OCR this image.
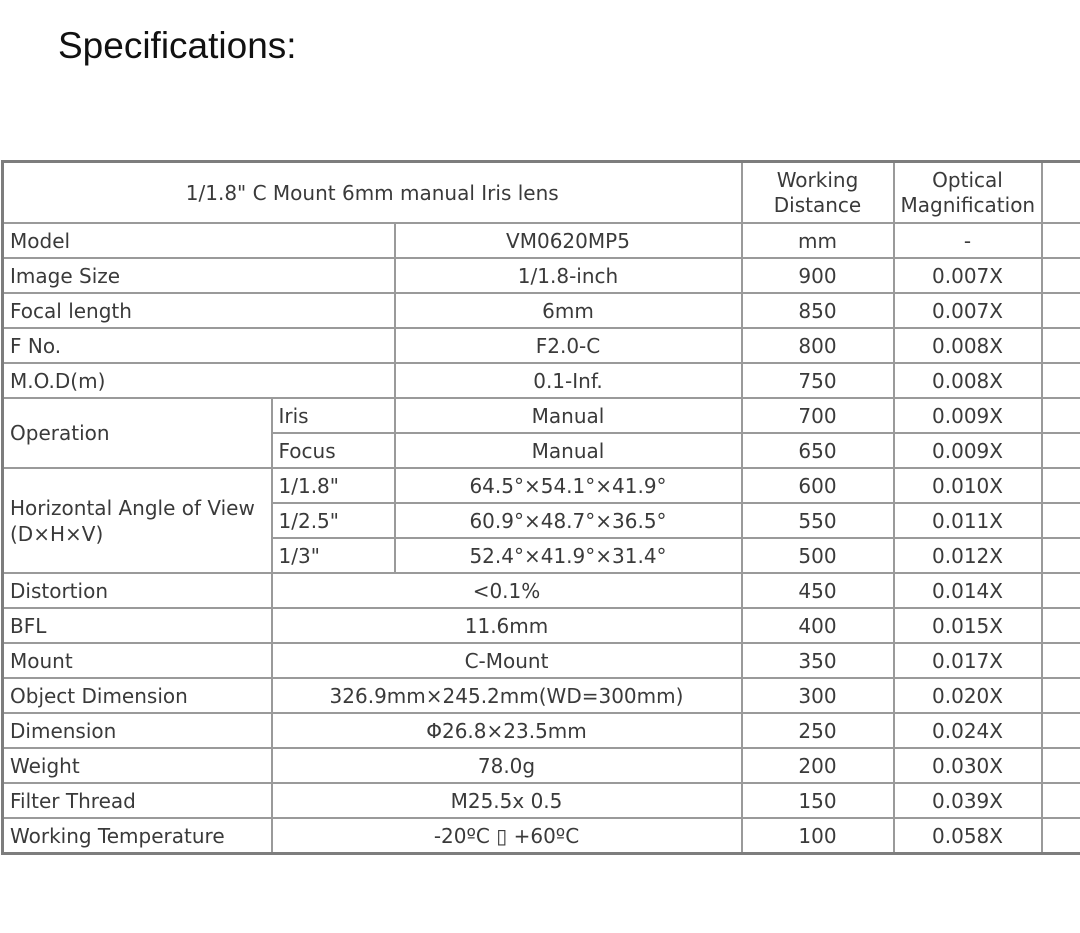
Specifications:
1/1.8" C Mount 6mm manual Iris lens			Working Distance	Optical Magnification	
Model		VM0620MP5	mm	-	
Image Size		1/1.8-inch	900	0.007X	
Focal length		6mm	850	0.007X	
F No.		F2.0-C	800	0.008X	
M.O.D(m)		0.1-Inf.	750	0.008X	
Operation	Iris	Manual	700	0.009X	
	Focus	Manual	650	0.009X	
Horizontal Angle of View (D×H×V)	1/1.8"	64.5°×54.1°×41.9°	600	0.010X	
	1/2.5"	60.9°×48.7°×36.5°	550	0.011X	
	1/3"	52.4°×41.9°×31.4°	500	0.012X	
Distortion	<0.1%		450	0.014X	
BFL	11.6mm		400	0.015X	
Mount	C-Mount		350	0.017X	
Object Dimension	326.9mm×245.2mm(WD=300mm)		300	0.020X	
Dimension	Φ26.8×23.5mm		250	0.024X	
Weight	78.0g		200	0.030X	
Filter Thread	M25.5x 0.5		150	0.039X	
Working Temperature	-20ºC ▯ +60ºC		100	0.058X	
